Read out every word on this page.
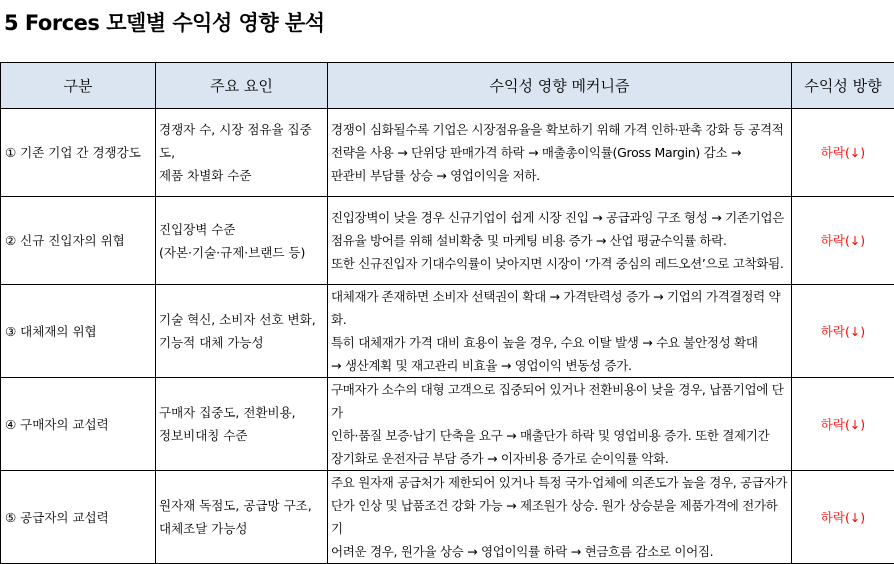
5 Forces 모델별 수익성 영향 분석
구분	주요 요인	수익성 영향 메커니즘	수익성 방향
① 기존 기업 간 경쟁강도	경쟁자 수, 시장 점유율 집중도,
제품 차별화 수준	경쟁이 심화될수록 기업은 시장점유율을 확보하기 위해 가격 인하·판촉 강화 등 공격적
전략을 사용 → 단위당 판매가격 하락 → 매출총이익률(Gross Margin) 감소 →
판관비 부담률 상승 → 영업이익을 저하.	하락(↓)
② 신규 진입자의 위협	진입장벽 수준
(자본·기술·규제·브랜드 등)	진입장벽이 낮을 경우 신규기업이 쉽게 시장 진입 → 공급과잉 구조 형성 → 기존기업은
점유율 방어를 위해 설비확충 및 마케팅 비용 증가 → 산업 평균수익률 하락.
또한 신규진입자 기대수익률이 낮아지면 시장이 ‘가격 중심의 레드오션’으로 고착화됨.	하락(↓)
③ 대체재의 위협	기술 혁신, 소비자 선호 변화,
기능적 대체 가능성	대체재가 존재하면 소비자 선택권이 확대 → 가격탄력성 증가 → 기업의 가격결정력 약화.
특히 대체재가 가격 대비 효용이 높을 경우, 수요 이탈 발생 → 수요 불안정성 확대
→ 생산계획 및 재고관리 비효율 → 영업이익 변동성 증가.	하락(↓)
④ 구매자의 교섭력	구매자 집중도, 전환비용,
정보비대칭 수준	구매자가 소수의 대형 고객으로 집중되어 있거나 전환비용이 낮을 경우, 납품기업에 단가
인하·품질 보증·납기 단축을 요구 → 매출단가 하락 및 영업비용 증가. 또한 결제기간
장기화로 운전자금 부담 증가 → 이자비용 증가로 순이익률 악화.	하락(↓)
⑤ 공급자의 교섭력	원자재 독점도, 공급망 구조,
대체조달 가능성	주요 원자재 공급처가 제한되어 있거나 특정 국가·업체에 의존도가 높을 경우, 공급자가
단가 인상 및 납품조건 강화 가능 → 제조원가 상승. 원가 상승분을 제품가격에 전가하기
어려운 경우, 원가율 상승 → 영업이익률 하락 → 현금흐름 감소로 이어짐.	하락(↓)
